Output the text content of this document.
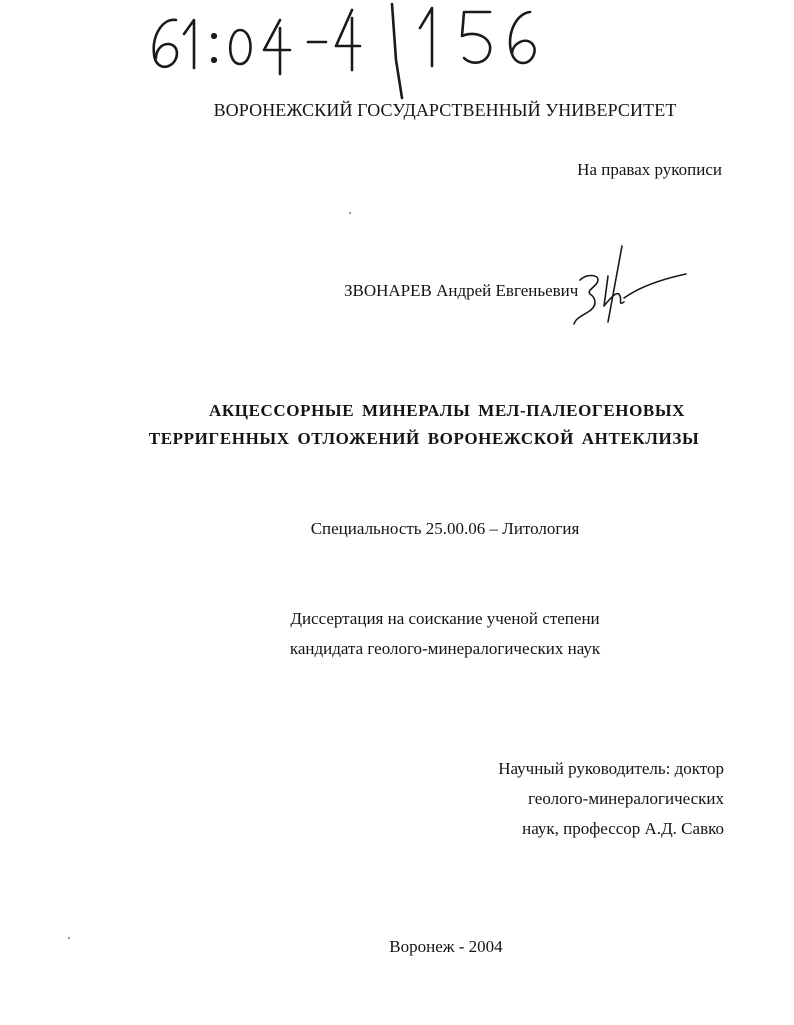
ВОРОНЕЖСКИЙ ГОСУДАРСТВЕННЫЙ УНИВЕРСИТЕТ
На правах рукописи
ЗВОНАРЕВ Андрей Евгеньевич
АКЦЕССОРНЫЕ МИНЕРАЛЫ МЕЛ-ПАЛЕОГЕНОВЫХ
ТЕРРИГЕННЫХ ОТЛОЖЕНИЙ ВОРОНЕЖСКОЙ АНТЕКЛИЗЫ
Специальность 25.00.06 – Литология
Диссертация на соискание ученой степени
кандидата геолого-минералогических наук
Научный руководитель: доктор
геолого-минералогических
наук, профессор А.Д. Савко
Воронеж - 2004
